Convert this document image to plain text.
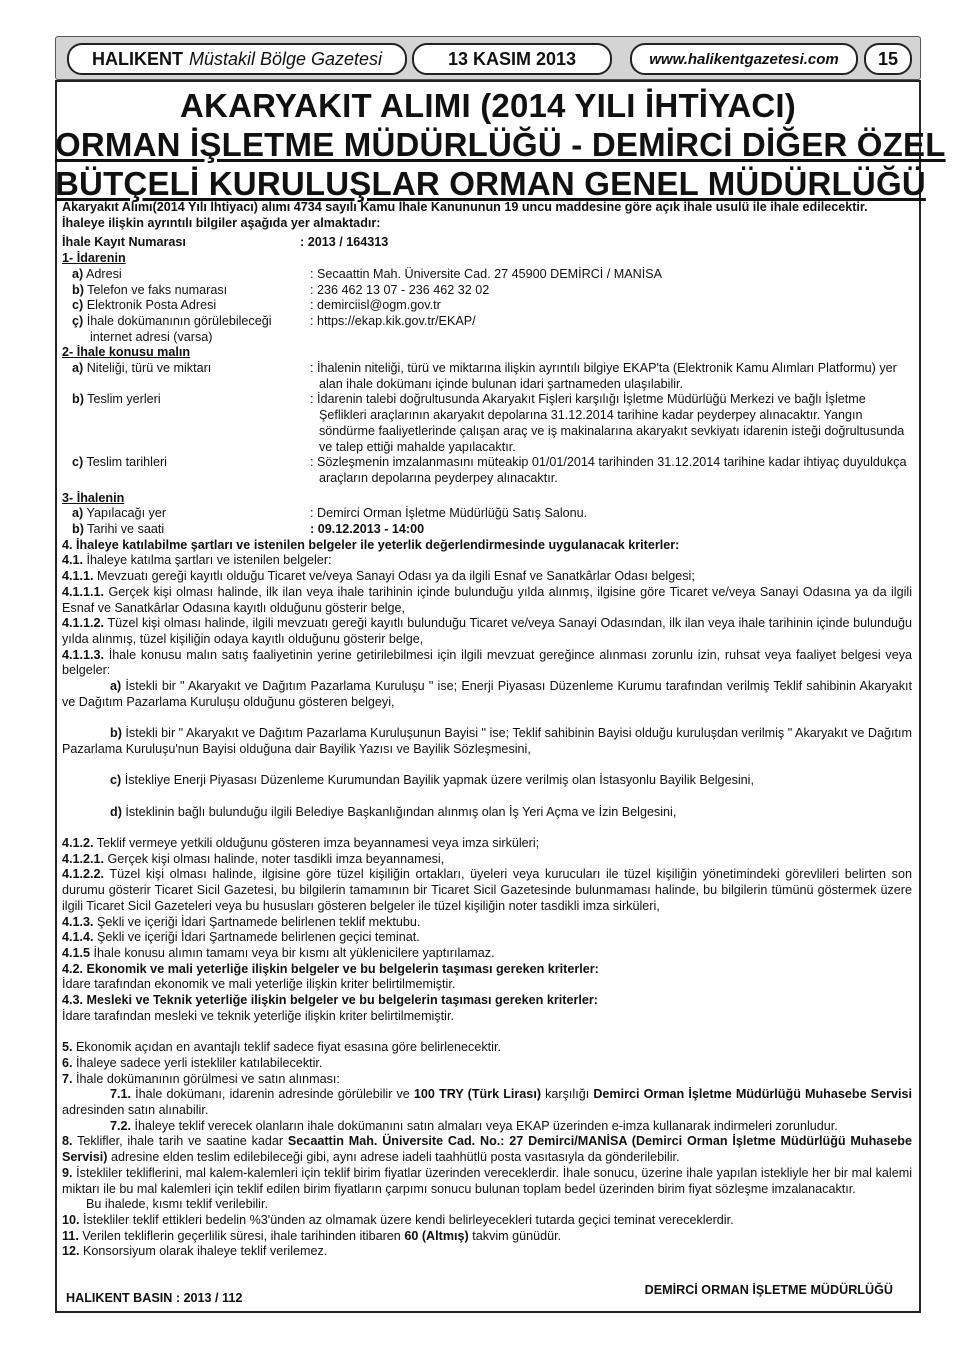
HALIKENT Müstakil Bölge Gazetesi	13 KASIM 2013	www.halikentgazetesi.com 15
AKARYAKIT ALIMI (2014 YILI İHTİYACI)
ORMAN İŞLETME MÜDÜRLÜĞÜ - DEMİRCİ DİĞER ÖZEL
BÜTÇELİ KURULUŞLAR ORMAN GENEL MÜDÜRLÜĞÜ

Akaryakıt Alımı(2014 Yılı İhtiyacı) alımı 4734 sayılı Kamu İhale Kanununun 19 uncu maddesine göre açık ihale usulü ile ihale edilecektir.

İhaleye ilişkin ayrıntılı bilgiler aşağıda yer almaktadır:

İhale Kayıt Numarası	: 2013 / 164313

1- İdarenin

a) Adresi	: Secaattin Mah. Üniversite Cad. 27 45900 DEMİRCİ / MANİSA
b) Telefon ve faks numarası	: 236 462 13 07 - 236 462 32 02
c) Elektronik Posta Adresi	: demirciisl@ogm.gov.tr
ç) İhale dokümanının görülebileceği	: https://ekap.kik.gov.tr/EKAP/

internet adresi (varsa)

2- İhale konusu malın

a) Niteliği, türü ve miktarı	: İhalenin niteliği, türü ve miktarına ilişkin ayrıntılı bilgiye EKAP'ta (Elektronik Kamu Alımları Platformu) yer alan ihale dokümanı içinde bulunan idari şartnameden ulaşılabilir.
b) Teslim yerleri	: İdarenin talebi doğrultusunda Akaryakıt Fişleri karşılığı İşletme Müdürlüğü Merkezi ve bağlı İşletme Şeflikleri araçlarının akaryakıt depolarına 31.12.2014 tarihine kadar peyderpey alınacaktır. Yangın söndürme faaliyetlerinde çalışan araç ve iş makinalarına akaryakıt sevkiyatı idarenin isteği doğrultusunda ve talep ettiği mahalde yapılacaktır.
c) Teslim tarihleri	: Sözleşmenin imzalanmasını müteakip 01/01/2014 tarihinden 31.12.2014 tarihine kadar ihtiyaç duyuldukça araçların depolarına peyderpey alınacaktır.

3- İhalenin

a) Yapılacağı yer	: Demirci Orman İşletme Müdürlüğü Satış Salonu.
b) Tarihi ve saati	: 09.12.2013 - 14:00

4. İhaleye katılabilme şartları ve istenilen belgeler ile yeterlik değerlendirmesinde uygulanacak kriterler:

4.1. İhaleye katılma şartları ve istenilen belgeler:

4.1.1. Mevzuatı gereği kayıtlı olduğu Ticaret ve/veya Sanayi Odası ya da ilgili Esnaf ve Sanatkârlar Odası belgesi;

4.1.1.1. Gerçek kişi olması halinde, ilk ilan veya ihale tarihinin içinde bulunduğu yılda alınmış, ilgisine göre Ticaret ve/veya Sanayi Odasına ya da ilgili Esnaf ve Sanatkârlar Odasına kayıtlı olduğunu gösterir belge,

4.1.1.2. Tüzel kişi olması halinde, ilgili mevzuatı gereği kayıtlı bulunduğu Ticaret ve/veya Sanayi Odasından, ilk ilan veya ihale tarihinin içinde bulunduğu yılda alınmış, tüzel kişiliğin odaya kayıtlı olduğunu gösterir belge,

4.1.1.3. İhale konusu malın satış faaliyetinin yerine getirilebilmesi için ilgili mevzuat gereğince alınması zorunlu izin, ruhsat veya faaliyet belgesi veya belgeler:

a) İstekli bir " Akaryakıt ve Dağıtım Pazarlama Kuruluşu " ise; Enerji Piyasası Düzenleme Kurumu tarafından verilmiş Teklif sahibinin Akaryakıt ve Dağıtım Pazarlama Kuruluşu olduğunu gösteren belgeyi,

b) İstekli bir " Akaryakıt ve Dağıtım Pazarlama Kuruluşunun Bayisi " ise; Teklif sahibinin Bayisi olduğu kuruluşdan verilmiş " Akaryakıt ve Dağıtım Pazarlama Kuruluşu'nun Bayisi olduğuna dair Bayilik Yazısı ve Bayilik Sözleşmesini,

c) İstekliye Enerji Piyasası Düzenleme Kurumundan Bayilik yapmak üzere verilmiş olan İstasyonlu Bayilik Belgesini,

d) İsteklinin bağlı bulunduğu ilgili Belediye Başkanlığından alınmış olan İş Yeri Açma ve İzin Belgesini,

4.1.2. Teklif vermeye yetkili olduğunu gösteren imza beyannamesi veya imza sirküleri;

4.1.2.1. Gerçek kişi olması halinde, noter tasdikli imza beyannamesi,

4.1.2.2. Tüzel kişi olması halinde, ilgisine göre tüzel kişiliğin ortakları, üyeleri veya kurucuları ile tüzel kişiliğin yönetimindeki görevlileri belirten son durumu gösterir Ticaret Sicil Gazetesi, bu bilgilerin tamamının bir Ticaret Sicil Gazetesinde bulunmaması halinde, bu bilgilerin tümünü göstermek üzere ilgili Ticaret Sicil Gazeteleri veya bu hususları gösteren belgeler ile tüzel kişiliğin noter tasdikli imza sirküleri,

4.1.3. Şekli ve içeriği İdari Şartnamede belirlenen teklif mektubu.

4.1.4. Şekli ve içeriği İdari Şartnamede belirlenen geçici teminat.

4.1.5 İhale konusu alımın tamamı veya bir kısmı alt yüklenicilere yaptırılamaz.

4.2. Ekonomik ve mali yeterliğe ilişkin belgeler ve bu belgelerin taşıması gereken kriterler:

İdare tarafından ekonomik ve mali yeterliğe ilişkin kriter belirtilmemiştir.

4.3. Mesleki ve Teknik yeterliğe ilişkin belgeler ve bu belgelerin taşıması gereken kriterler:

İdare tarafından mesleki ve teknik yeterliğe ilişkin kriter belirtilmemiştir.

5. Ekonomik açıdan en avantajlı teklif sadece fiyat esasına göre belirlenecektir.

6. İhaleye sadece yerli istekliler katılabilecektir.

7. İhale dokümanının görülmesi ve satın alınması:

7.1. İhale dokümanı, idarenin adresinde görülebilir ve 100 TRY (Türk Lirası) karşılığı Demirci Orman İşletme Müdürlüğü Muhasebe Servisi adresinden satın alınabilir.

7.2. İhaleye teklif verecek olanların ihale dokümanını satın almaları veya EKAP üzerinden e-imza kullanarak indirmeleri zorunludur.

8. Teklifler, ihale tarih ve saatine kadar Secaattin Mah. Üniversite Cad. No.: 27 Demirci/MANİSA (Demirci Orman İşletme Müdürlüğü Muhasebe Servisi) adresine elden teslim edilebileceği gibi, aynı adrese iadeli taahhütlü posta vasıtasıyla da gönderilebilir.

9. İstekliler tekliflerini, mal kalem-kalemleri için teklif birim fiyatlar üzerinden vereceklerdir. İhale sonucu, üzerine ihale yapılan istekliyle her bir mal kalemi miktarı ile bu mal kalemleri için teklif edilen birim fiyatların çarpımı sonucu bulunan toplam bedel üzerinden birim fiyat sözleşme imzalanacaktır.

Bu ihalede, kısmı teklif verilebilir.

10. İstekliler teklif ettikleri bedelin %3'ünden az olmamak üzere kendi belirleyecekleri tutarda geçici teminat vereceklerdir.

11. Verilen tekliflerin geçerlilik süresi, ihale tarihinden itibaren 60 (Altmış) takvim günüdür.

12. Konsorsiyum olarak ihaleye teklif verilemez.

HALIKENT BASIN : 2013 / 112
DEMİRCİ ORMAN İŞLETME MÜDÜRLÜĞÜ
